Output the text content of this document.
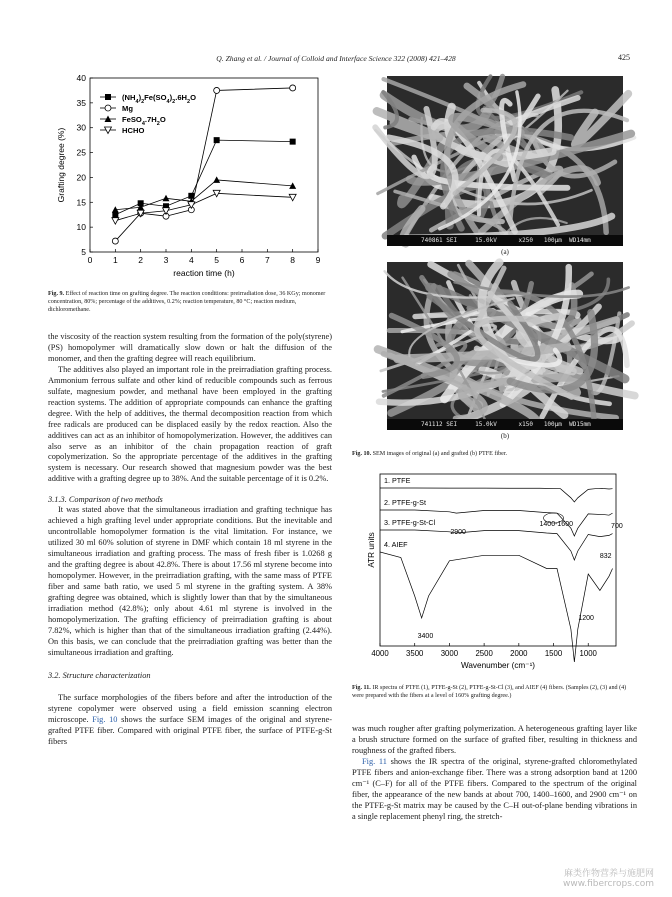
Q. Zhang et al. / Journal of Colloid and Interface Science 322 (2008) 421–428	425
0 1 2 3 4 5 6 7 8 9
5
10
15
20
25
30
35
40
reaction time (h)
Grafting degree (%)
$(NH_4)_2Fe(SO_4)_2.6H_2O$
Mg
$FeSO_4.7H_2O$
HCHO
Fig. 9. Effect of reaction time on grafting degree. The reaction conditions: preirradiation dose, 36 KGy; monomer concentration, 80%; percentage of the additives, 0.2%; reaction temperature, 80 °C; reaction medium, dichloromethane.

the viscosity of the reaction system resulting from the formation of the poly(styrene) (PS) homopolymer will dramatically slow down or halt the diffusion of the monomer, and then the grafting degree will reach equilibrium.

The additives also played an important role in the preirradiation grafting process. Ammonium ferrous sulfate and other kind of reducible compounds such as ferrous sulfate, magnesium powder, and methanal have been employed in the grafting reaction systems. The addition of appropriate compounds can enhance the grafting degree. With the help of additives, the thermal decomposition reaction from which free radicals are produced can be displaced easily by the redox reaction. Also the additives can act as an inhibitor of homopolymerization. However, the additives can also serve as an inhibitor of the chain propagation reaction of graft copolymerization. So the appropriate percentage of the additives in the grafting system is necessary. Our research showed that magnesium powder was the best additive with a grafting degree up to 38%. And the suitable percentage of it is 0.2%.

3.1.3. Comparison of two methods

It was stated above that the simultaneous irradiation and grafting technique has achieved a high grafting level under appropriate conditions. But the inevitable and uncontrollable homopolymer formation is the vital limitation. For instance, we utilized 30 ml 60% solution of styrene in DMF which contain 18 ml styrene in the simultaneous irradiation and grafting process. The mass of fresh fiber is 1.0268 g and the grafting degree is about 42.8%. There is about 17.56 ml styrene become into homopolymer. However, in the preirradiation grafting, with the same mass of PTFE fiber and same bath ratio, we used 5 ml styrene in the grafting system. A 38% grafting degree was obtained, which is slightly lower than that by the simultaneous irradiation method (42.8%); only about 4.61 ml styrene is involved in the homopolymerization. The grafting efficiency of preirradiation grafting is about 7.82%, which is higher than that of the simultaneous irradiation grafting (2.44%). On this basis, we can conclude that the preirradiation grafting was better than the simultaneous irradiation and grafting.

3.2. Structure characterization

The surface morphologies of the fibers before and after the introduction of the styrene copolymer were observed using a field emission scanning electron microscope. Fig. 10 shows the surface SEM images of the original and styrene-grafted PTFE fiber. Compared with original PTFE fiber, the surface of PTFE-g-St fibers

740861 SEI     15.0kV      x250   100μm  WD14mm
(a)
741112 SEI     15.0kV      x150   100μm  WD15mm
(b)
Fig. 10. SEM images of original (a) and grafted (b) PTFE fiber.
4000 3500 3000 2500 2000 1500 1000
Wavenumber (cm⁻¹)
ATR units
1. PTFE
2. PTFE-g-St
3. PTFE-g-St-Cl
4. AIEF
2900
1400-1600	700
832
3400
1200
Fig. 11. IR spectra of PTFE (1), PTFE-g-St (2), PTFE-g-St-Cl (3), and AIEF (4) fibers. (Samples (2), (3) and (4) were prepared with the fibers at a level of 160% grafting degree.)

was much rougher after grafting polymerization. A heterogeneous grafting layer like a brush structure formed on the surface of grafted fiber, resulting in thickness and roughness of the grafted fibers.

Fig. 11 shows the IR spectra of the original, styrene-grafted chloromethylated PTFE fibers and anion-exchange fiber. There was a strong adsorption band at 1200 cm⁻¹ (C–F) for all of the PTFE fibers. Compared to the spectrum of the original fiber, the appearance of the new bands at about 700, 1400–1600, and 2900 cm⁻¹ on the PTFE-g-St matrix may be caused by the C–H out-of-plane bending vibrations in a single replacement phenyl ring, the stretch-

麻类作物营养与施肥网
www.fibercrops.com
